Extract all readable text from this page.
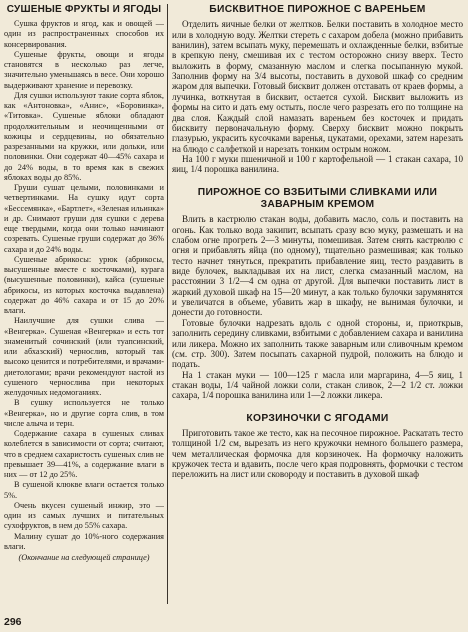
СУШЕНЫЕ ФРУКТЫ И ЯГОДЫ

Сушка фруктов и ягод, как и овощей — один из распространенных способов их консервирования.

Сушеные фрукты, овощи и ягоды становятся в несколько раз легче, значительно уменьшаясь в весе. Они хорошо выдерживают хранение и перевозку.

Для сушки используют такие сорта яблок, как «Антоновка», «Анис», «Боровинка», «Титовка». Сушеные яблоки обладают продолжительным и неочищенными от кожицы и сердцевины, но обязательно разрезанными на кружки, или дольки, или половинки. Они содержат 40—45% сахара и до 24% воды, в то время как в свежих яблоках воды до 85%.

Груши сушат целыми, половинками и четвертинками. На сушку идут сорта «Бессемянка», «Бартлет», «Зеленая ильинка» и др. Снимают груши для сушки с дерева еще твердыми, когда они только начинают созревать. Сушеные груши содержат до 36% сахара и до 24% воды.

Сушеные абрикосы: урюк (абрикосы, высушенные вместе с косточками), курага (высушенные половинки), кайса (сушеные абрикосы, из которых косточка выдавлена) содержат до 46% сахара и от 15 до 20% влаги.

Наилучшие для сушки слива — «Венгерка». Сушеная «Венгерка» и есть тот знаменитый сочинский (или туапсинский, или абхазский) чернослив, который так высоко ценится и потребителями, и врачами-диетологами; врачи рекомендуют настой из сушеного чернослива при некоторых желудочных недомоганиях.

В сушку используется не только «Венгерка», но и другие сорта слив, в том числе алыча и терн.

Содержание сахара в сушеных сливах колеблется в зависимости от сорта; считают, что в среднем сахаристость сушеных слив не превышает 39—41%, а содержание влаги в них — от 12 до 25%.

В сушеной клюкве влаги остается только 5%.

Очень вкусен сушеный инжир, это — один из самых лучших и питательных сухофруктов, в нем до 55% сахара.

Малину сушат до 10%-ного содержания влаги.

(Окончание на следующей странице)

БИСКВИТНОЕ ПИРОЖНОЕ С ВАРЕНЬЕМ

Отделить яичные белки от желтков. Белки поставить в холодное место или в холодную воду. Желтки стереть с сахаром добела (можно прибавить ванилин), затем всыпать муку, перемешать и охлажденные белки, взбитые в крепкую пену, смешивая их с тестом осторожно снизу вверх. Тесто выложить в форму, смазанную маслом и слегка посыпанную мукой. Заполнив форму на 3/4 высоты, поставить в духовой шкаф со средним жаром для выпечки. Готовый бисквит должен отставать от краев формы, а лучинка, воткнутая в бисквит, остается сухой. Бисквит выложить из формы на сито и дать ему остыть, после чего разрезать его по толщине на два слоя. Каждый слой намазать вареньем без косточек и придать бисквиту первоначальную форму. Сверху бисквит можно покрыть глазурью, украсить кусочками варенья, цукатами, орехами, затем нарезать на блюдо с салфеткой и нарезать тонким острым ножом.

На 100 г муки пшеничной и 100 г картофельной — 1 стакан сахара, 10 яиц, 1/4 порошка ванилина.

ПИРОЖНОЕ СО ВЗБИТЫМИ СЛИВКАМИ ИЛИ ЗАВАРНЫМ КРЕМОМ

Влить в кастрюлю стакан воды, добавить масло, соль и поставить на огонь. Как только вода закипит, всыпать сразу всю муку, размешать и на слабом огне прогреть 2—3 минуты, помешивая. Затем снять кастрюлю с огня и прибавлять яйца (по одному), тщательно размешивая; как только тесто начнет тянуться, прекратить прибавление яиц, тесто раздавить в виде булочек, выкладывая их на лист, слегка смазанный маслом, на расстоянии 3 1/2—4 см одна от другой. Для выпечки поставить лист в жаркий духовой шкаф на 15—20 минут, а как только булочки зарумянятся и увеличатся в объеме, убавить жар в шкафу, не вынимая булочки, и донести до готовности.

Готовые булочки надрезать вдоль с одной стороны, и, приоткрыв, заполнить середину сливками, взбитыми с добавлением сахара и ванилина или ликера. Можно их заполнить также заварным или сливочным кремом (см. стр. 300). Затем посыпать сахарной пудрой, положить на блюдо и подать.

На 1 стакан муки — 100—125 г масла или маргарина, 4—5 яиц, 1 стакан воды, 1/4 чайной ложки соли, стакан сливок, 2—2 1/2 ст. ложки сахара, 1/4 порошка ванилина или 1—2 ложки ликера.

КОРЗИНОЧКИ С ЯГОДАМИ

Приготовить такое же тесто, как на песочное пирожное. Раскатать тесто толщиной 1/2 см, вырезать из него кружочки немного большего размера, чем металлическая формочка для корзиночек. На формочку наложить кружочек теста и вдавить, после чего края подровнять, формочки с тестом переложить на лист или сковороду и поставить в духовой шкаф

296
